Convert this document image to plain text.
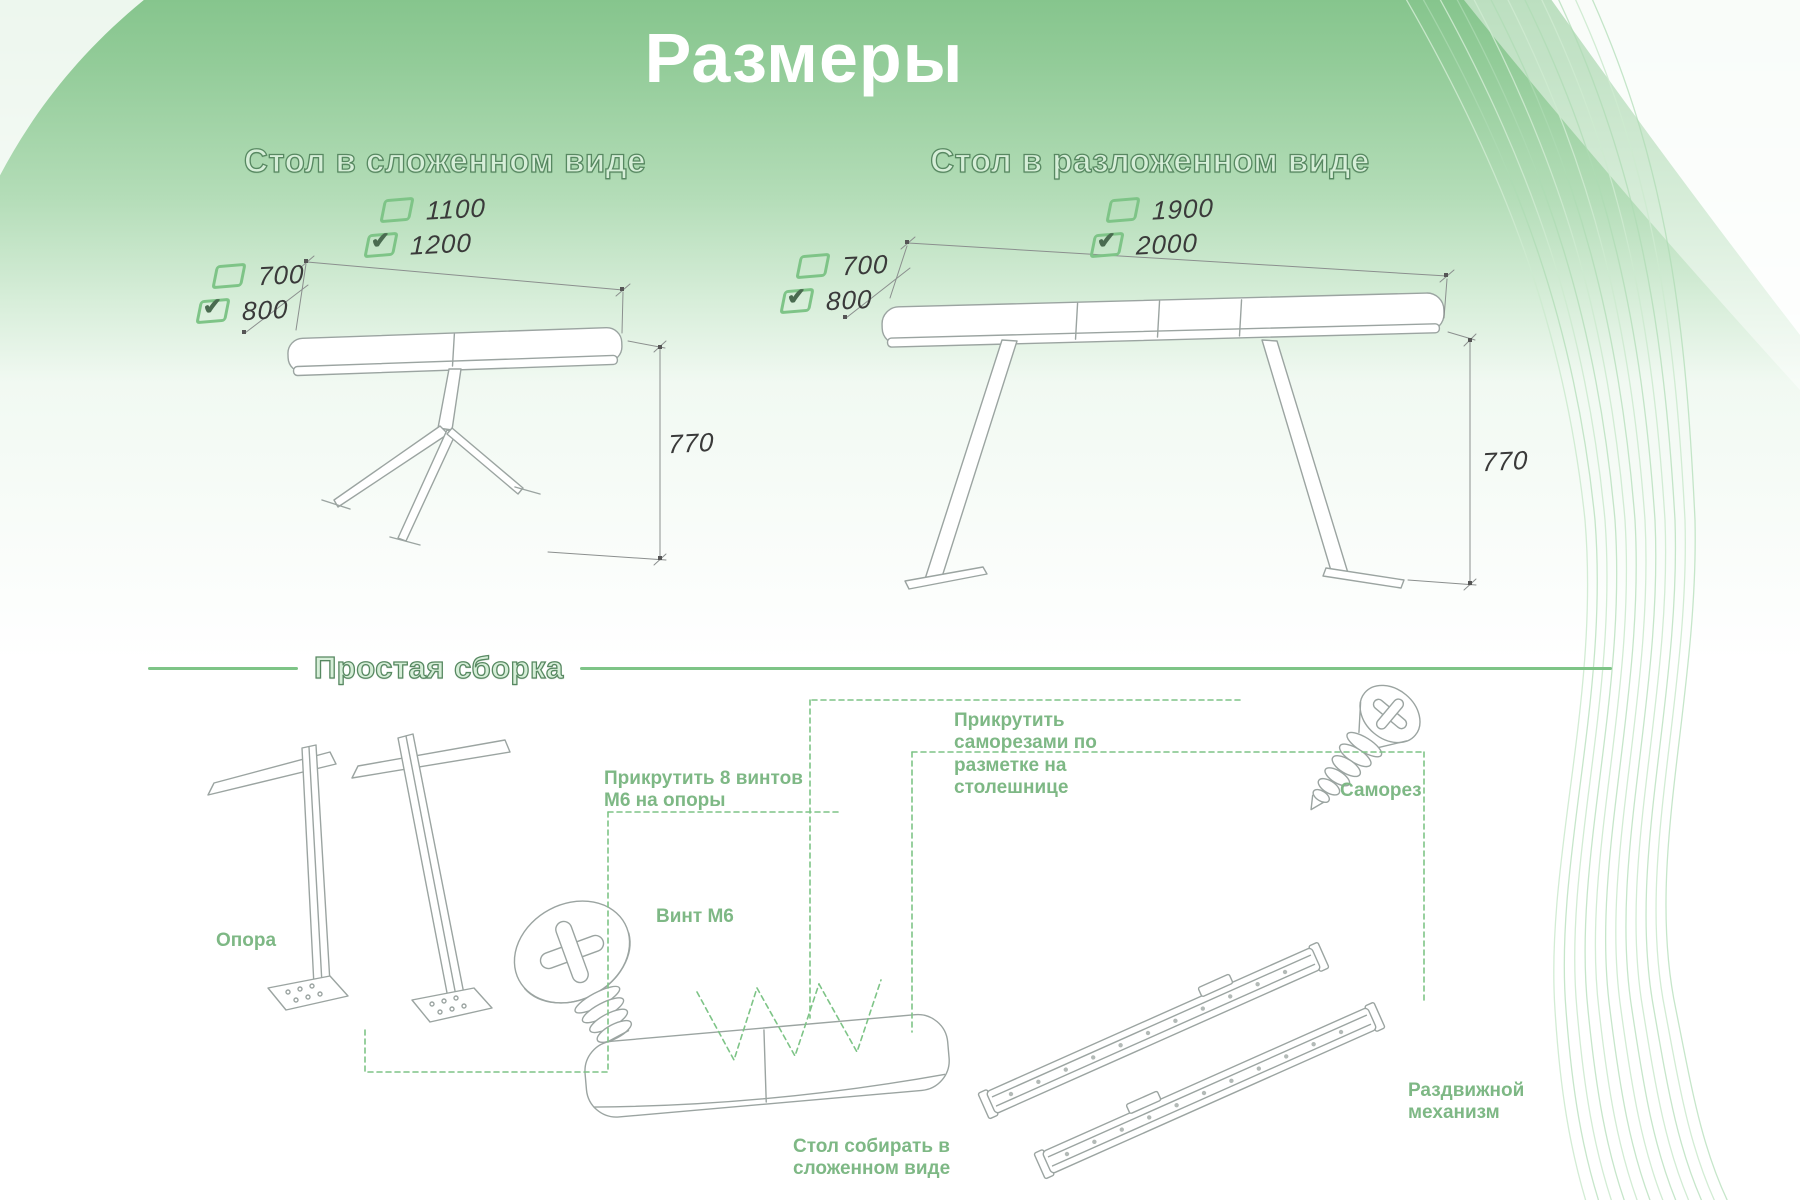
Размеры
Стол в сложенном виде	Стол в разложенном виде
1100
✔
1200
700
✔
800
1900
✔
2000
700
✔
800
770
770
Простая сборка
Прикрутить 8 винтов М6 на опоры
Прикрутить саморезами по разметке на столешнице
Опора
Винт М6
Саморез
Раздвижной механизм
Стол собирать в сложенном виде
